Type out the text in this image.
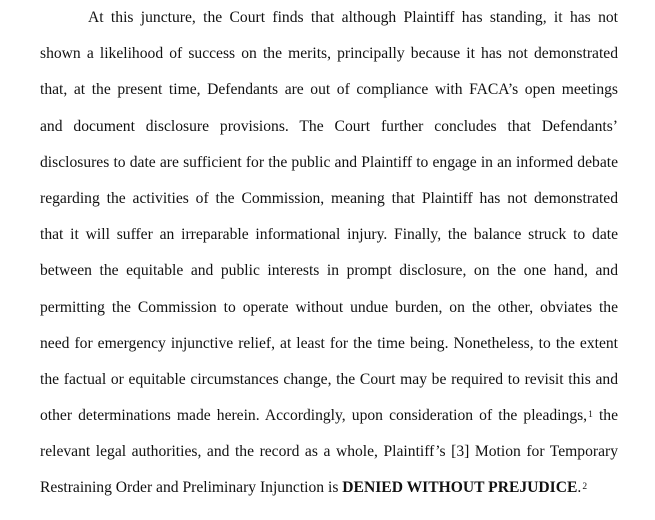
At this juncture, the Court finds that although Plaintiff has standing, it has not
shown a likelihood of success on the merits, principally because it has not demonstrated
that, at the present time, Defendants are out of compliance with FACA’s open meetings
and document disclosure provisions. The Court further concludes that Defendants’
disclosures to date are sufficient for the public and Plaintiff to engage in an informed debate
regarding the activities of the Commission, meaning that Plaintiff has not demonstrated
that it will suffer an irreparable informational injury. Finally, the balance struck to date
between the equitable and public interests in prompt disclosure, on the one hand, and
permitting the Commission to operate without undue burden, on the other, obviates the
need for emergency injunctive relief, at least for the time being. Nonetheless, to the extent
the factual or equitable circumstances change, the Court may be required to revisit this and
other determinations made herein. Accordingly, upon consideration of the pleadings,$^1$ the
relevant legal authorities, and the record as a whole, Plaintiff’s [3] Motion for Temporary
Restraining Order and Preliminary Injunction is DENIED WITHOUT PREJUDICE.$^2$
